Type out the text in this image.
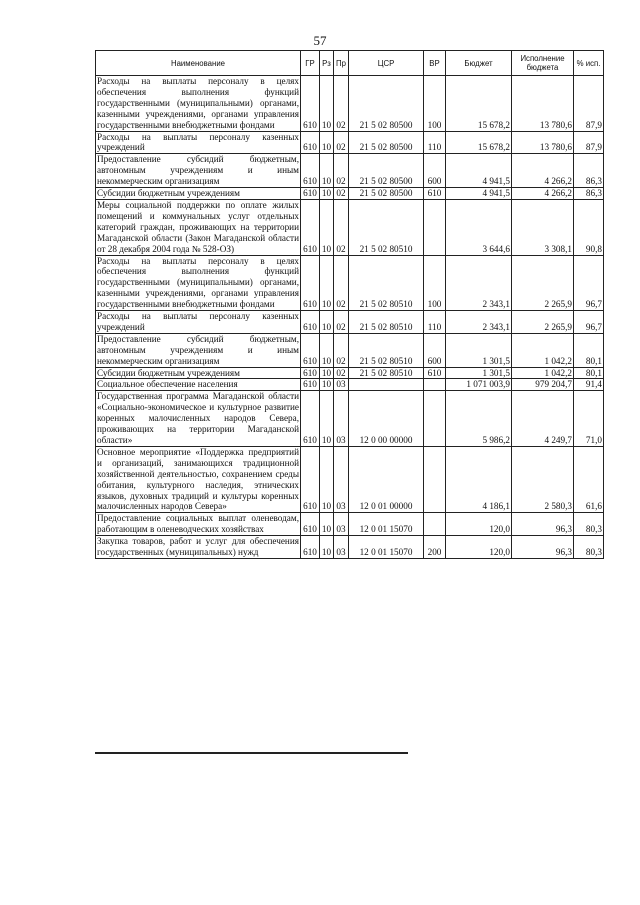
57
Наименование	ГР	Рз	Пр	ЦСР	ВР	Бюджет	Исполнение бюджета	% исп.
Расходы на выплаты персоналу в целях обеспечения выполнения функций государственными (муниципальными) органами, казенными учреждениями, органами управления государственными внебюджетными фондами	610	10	02	21 5 02 80500	100	15 678,2	13 780,6	87,9
Расходы на выплаты персоналу казенных учреждений	610	10	02	21 5 02 80500	110	15 678,2	13 780,6	87,9
Предоставление субсидий бюджетным, автономным учреждениям и иным некоммерческим организациям	610	10	02	21 5 02 80500	600	4 941,5	4 266,2	86,3
Субсидии бюджетным учреждениям	610	10	02	21 5 02 80500	610	4 941,5	4 266,2	86,3
Меры социальной поддержки по оплате жилых помещений и коммунальных услуг отдельных категорий граждан, проживающих на территории Магаданской области (Закон Магаданской области от 28 декабря 2004 года № 528-ОЗ)	610	10	02	21 5 02 80510		3 644,6	3 308,1	90,8
Расходы на выплаты персоналу в целях обеспечения выполнения функций государственными (муниципальными) органами, казенными учреждениями, органами управления государственными внебюджетными фондами	610	10	02	21 5 02 80510	100	2 343,1	2 265,9	96,7
Расходы на выплаты персоналу казенных учреждений	610	10	02	21 5 02 80510	110	2 343,1	2 265,9	96,7
Предоставление субсидий бюджетным, автономным учреждениям и иным некоммерческим организациям	610	10	02	21 5 02 80510	600	1 301,5	1 042,2	80,1
Субсидии бюджетным учреждениям	610	10	02	21 5 02 80510	610	1 301,5	1 042,2	80,1
Социальное обеспечение населения	610	10	03			1 071 003,9	979 204,7	91,4
Государственная программа Магаданской области «Социально-экономическое и культурное развитие коренных малочисленных народов Севера, проживающих на территории Магаданской области»	610	10	03	12 0 00 00000		5 986,2	4 249,7	71,0
Основное мероприятие «Поддержка предприятий и организаций, занимающихся традиционной хозяйственной деятельностью, сохранением среды обитания, культурного наследия, этнических языков, духовных традиций и культуры коренных малочисленных народов Севера»	610	10	03	12 0 01 00000		4 186,1	2 580,3	61,6
Предоставление социальных выплат оленеводам, работающим в оленеводческих хозяйствах	610	10	03	12 0 01 15070		120,0	96,3	80,3
Закупка товаров, работ и услуг для обеспечения государственных (муниципальных) нужд	610	10	03	12 0 01 15070	200	120,0	96,3	80,3
